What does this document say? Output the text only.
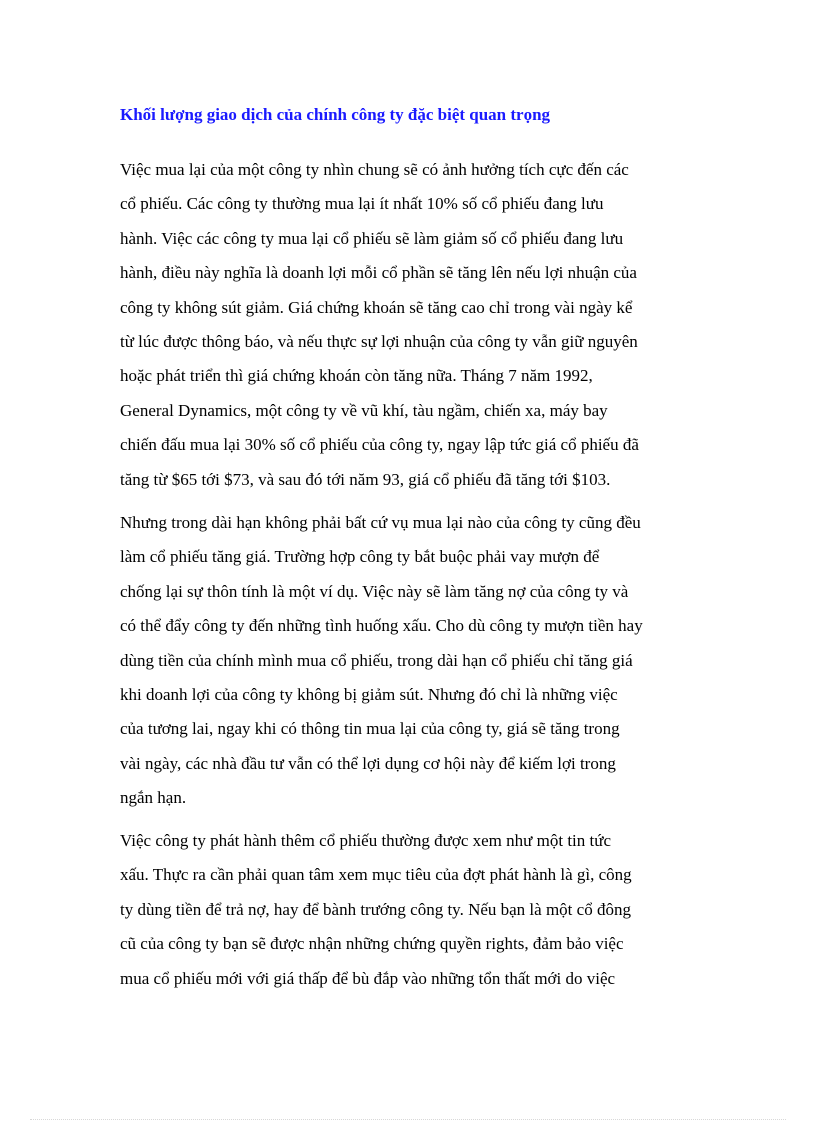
Khối lượng giao dịch của chính công ty đặc biệt quan trọng

Việc mua lại của một công ty nhìn chung sẽ có ảnh hưởng tích cực đến các
cổ phiếu. Các công ty thường mua lại ít nhất 10% số cổ phiếu đang lưu
hành. Việc các công ty mua lại cổ phiếu sẽ làm giảm số cổ phiếu đang lưu
hành, điều này nghĩa là doanh lợi mỗi cổ phần sẽ tăng lên nếu lợi nhuận của
công ty không sút giảm. Giá chứng khoán sẽ tăng cao chỉ trong vài ngày kể
từ lúc được thông báo, và nếu thực sự lợi nhuận của công ty vẫn giữ nguyên
hoặc phát triển thì giá chứng khoán còn tăng nữa. Tháng 7 năm 1992,
General Dynamics, một công ty về vũ khí, tàu ngầm, chiến xa, máy bay
chiến đấu mua lại 30% số cổ phiếu của công ty, ngay lập tức giá cổ phiếu đã
tăng từ $65 tới $73, và sau đó tới năm 93, giá cổ phiếu đã tăng tới $103.

Nhưng trong dài hạn không phải bất cứ vụ mua lại nào của công ty cũng đều
làm cổ phiếu tăng giá. Trường hợp công ty bắt buộc phải vay mượn để
chống lại sự thôn tính là một ví dụ. Việc này sẽ làm tăng nợ của công ty và
có thể đẩy công ty đến những tình huống xấu. Cho dù công ty mượn tiền hay
dùng tiền của chính mình mua cổ phiếu, trong dài hạn cổ phiếu chỉ tăng giá
khi doanh lợi của công ty không bị giảm sút. Nhưng đó chỉ là những việc
của tương lai, ngay khi có thông tin mua lại của công ty, giá sẽ tăng trong
vài ngày, các nhà đầu tư vẫn có thể lợi dụng cơ hội này để kiếm lợi trong
ngắn hạn.

Việc công ty phát hành thêm cổ phiếu thường được xem như một tin tức
xấu. Thực ra cần phải quan tâm xem mục tiêu của đợt phát hành là gì, công
ty dùng tiền để trả nợ, hay để bành trướng công ty. Nếu bạn là một cổ đông
cũ của công ty bạn sẽ được nhận những chứng quyền rights, đảm bảo việc
mua cổ phiếu mới với giá thấp để bù đắp vào những tổn thất mới do việc
